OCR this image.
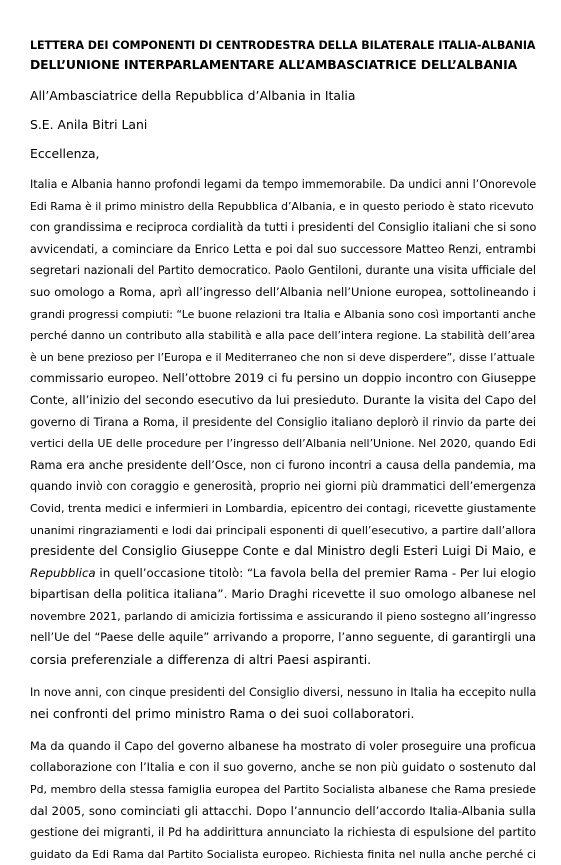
LETTERA DEI COMPONENTI DI CENTRODESTRA DELLA BILATERALE ITALIA-ALBANIA
DELL’UNIONE INTERPARLAMENTARE ALL’AMBASCIATRICE DELL’ALBANIA

All’Ambasciatrice della Repubblica d’Albania in Italia

S.E. Anila Bitri Lani

Eccellenza,

Italia e Albania hanno profondi legami da tempo immemorabile. Da undici anni l’Onorevole
Edi Rama è il primo ministro della Repubblica d’Albania, e in questo periodo è stato ricevuto
con grandissima e reciproca cordialità da tutti i presidenti del Consiglio italiani che si sono
avvicendati, a cominciare da Enrico Letta e poi dal suo successore Matteo Renzi, entrambi
segretari nazionali del Partito democratico. Paolo Gentiloni, durante una visita ufficiale del
suo omologo a Roma, aprì all’ingresso dell’Albania nell’Unione europea, sottolineando i
grandi progressi compiuti: “Le buone relazioni tra Italia e Albania sono così importanti anche
perché danno un contributo alla stabilità e alla pace dell’intera regione. La stabilità dell’area
è un bene prezioso per l’Europa e il Mediterraneo che non si deve disperdere”, disse l’attuale
commissario europeo. Nell’ottobre 2019 ci fu persino un doppio incontro con Giuseppe
Conte, all’inizio del secondo esecutivo da lui presieduto. Durante la visita del Capo del
governo di Tirana a Roma, il presidente del Consiglio italiano deplorò il rinvio da parte dei
vertici della UE delle procedure per l’ingresso dell’Albania nell’Unione. Nel 2020, quando Edi
Rama era anche presidente dell’Osce, non ci furono incontri a causa della pandemia, ma
quando inviò con coraggio e generosità, proprio nei giorni più drammatici dell’emergenza
Covid, trenta medici e infermieri in Lombardia, epicentro dei contagi, ricevette giustamente
unanimi ringraziamenti e lodi dai principali esponenti di quell’esecutivo, a partire dall’allora
presidente del Consiglio Giuseppe Conte e dal Ministro degli Esteri Luigi Di Maio, e
Repubblica in quell’occasione titolò: “La favola bella del premier Rama - Per lui elogio
bipartisan della politica italiana”. Mario Draghi ricevette il suo omologo albanese nel
novembre 2021, parlando di amicizia fortissima e assicurando il pieno sostegno all’ingresso
nell’Ue del “Paese delle aquile” arrivando a proporre, l’anno seguente, di garantirgli una
corsia preferenziale a differenza di altri Paesi aspiranti.

In nove anni, con cinque presidenti del Consiglio diversi, nessuno in Italia ha eccepito nulla
nei confronti del primo ministro Rama o dei suoi collaboratori.

Ma da quando il Capo del governo albanese ha mostrato di voler proseguire una proficua
collaborazione con l’Italia e con il suo governo, anche se non più guidato o sostenuto dal
Pd, membro della stessa famiglia europea del Partito Socialista albanese che Rama presiede
dal 2005, sono cominciati gli attacchi. Dopo l’annuncio dell’accordo Italia-Albania sulla
gestione dei migranti, il Pd ha addirittura annunciato la richiesta di espulsione del partito
guidato da Edi Rama dal Partito Socialista europeo. Richiesta finita nel nulla anche perché ci
